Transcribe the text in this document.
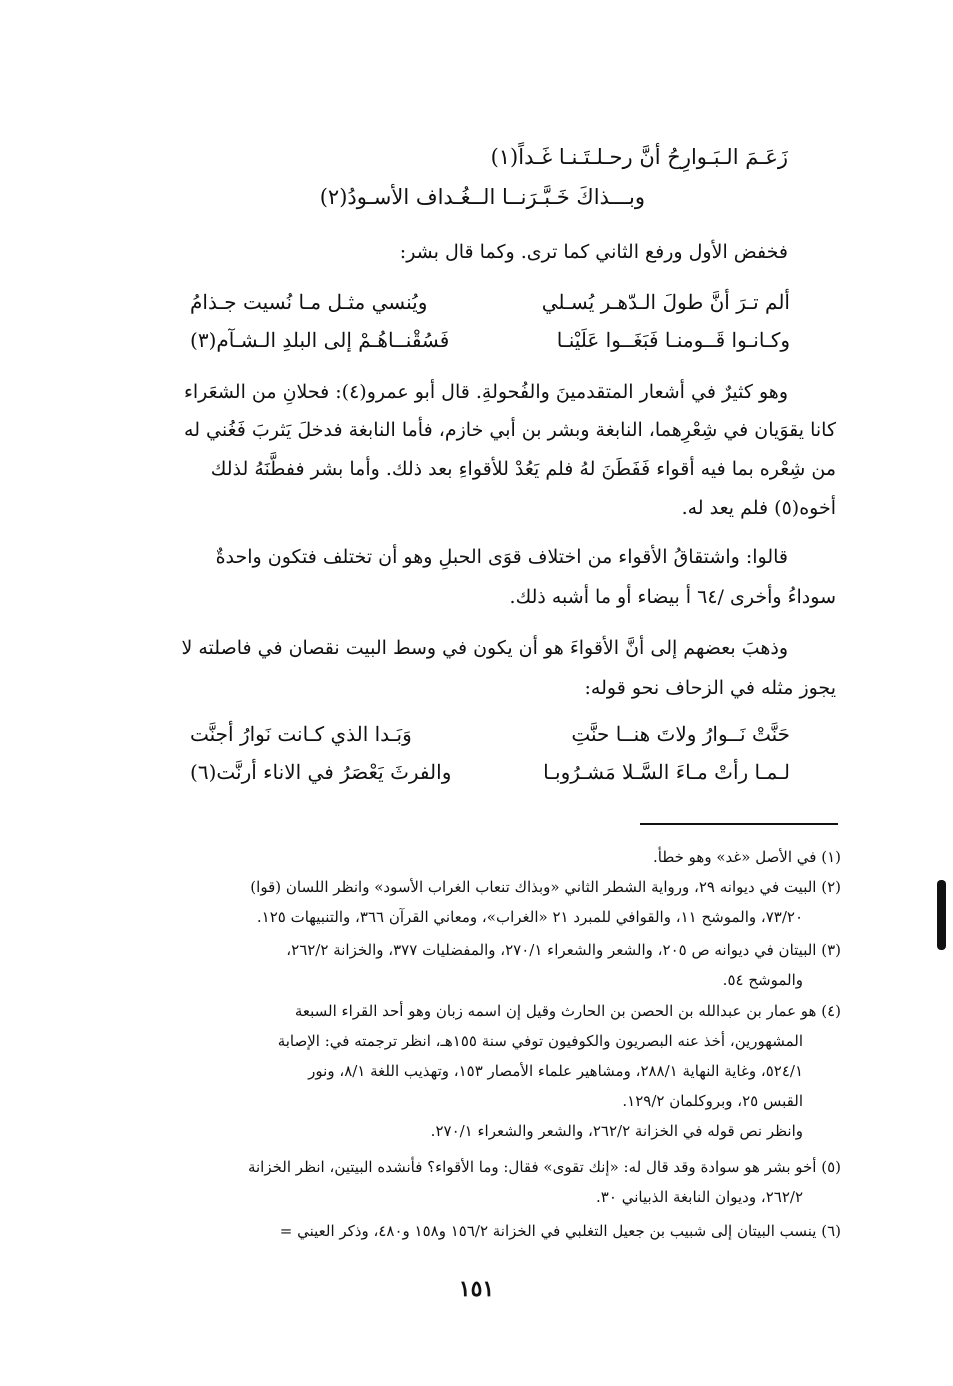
زَعَـمَ الـبَـوارِحُ أنَّ رحـلـتَـنـا غَـداً(١)
وبـــذاكَ خَـبَّـرَنــا الــغُـداف الأسـودُ(٢)
فخفض الأول ورفع الثاني كما ترى. وكما قال بشر:
ألم تـرَ أنَّ طولَ الـدّهـر يُسـلي
ويُنسي مثـل مـا نُسيت جـذامُ
وكـانـوا قَــومنـا فَبَغَــوا عَلَيْنـا
فَسُقْنــاهُـمْ إلى البلدِ الـشـآم(٣)
وهو كثيرٌ في أشعار المتقدمينَ والفُحولةِ. قال أبو عمرو(٤): فحلانِ من الشعَراء
كانا يقوَيان في شِعْرِهما، النابغة وبشر بن أبي خازم، فأما النابغة فدخلَ يَثربَ فَغُني له
من شِعْره بما فيه أقواء فَفَطَنَ لهُ فلم يَعُدْ للأقواءِ بعد ذلك. وأما بشر ففطَّنَهُ لذلك
أخوه(٥) فلم يعد له.
قالوا: واشتقاقُ الأقواء من اختلاف قوَى الحبلِ وهو أن تختلف فتكون واحدةٌ
سوداءُ وأخرى /٦٤ أ بيضاء أو ما أشبه ذلك.
وذهبَ بعضهم إلى أنَّ الأقواءَ هو أن يكون في وسط البيت نقصان في فاصلته لا
يجوز مثله في الزحاف نحو قوله:
حَنَّتْ نَــوارُ ولاتَ هنــا حنَّتِ
وَبَـدا الذي كـانت نَوارُ أجنَّت
لـمـا رأتْ مـاءَ السَّـلا مَشـرُوبـا
والفرثَ يَعْصَرُ في الاناء أرنَّت(٦)
(١) في الأصل «غد» وهو خطأ.
(٢) البيت في ديوانه ٢٩، ورواية الشطر الثاني «وبذاك تنعاب الغراب الأسود» وانظر اللسان (قوا)
٧٣/٢٠، والموشح ١١، والقوافي للمبرد ٢١ «الغراب»، ومعاني القرآن ٣٦٦، والتنبيهات ١٢٥.
(٣) البيتان في ديوانه ص ٢٠٥، والشعر والشعراء ٢٧٠/١، والمفضليات ٣٧٧، والخزانة ٢٦٢/٢،
والموشح ٥٤.
(٤) هو عمار بن عبدالله بن الحصن بن الحارث وقيل إن اسمه زبان وهو أحد القراء السبعة
المشهورين، أخذ عنه البصريون والكوفيون توفي سنة ١٥٥هـ، انظر ترجمته في: الإصابة
٥٢٤/١، وغاية النهاية ٢٨٨/١، ومشاهير علماء الأمصار ١٥٣، وتهذيب اللغة ٨/١، ونور
القبس ٢٥، وبروكلمان ١٢٩/٢.
وانظر نص قوله في الخزانة ٢٦٢/٢، والشعر والشعراء ٢٧٠/١.
(٥) أخو بشر هو سوادة وقد قال له: «إنك تقوى» فقال: وما الأقواء؟ فأنشده البيتين، انظر الخزانة
٢٦٢/٢، وديوان النابغة الذبياني ٣٠.
(٦) ينسب البيتان إلى شبيب بن جعيل التغلبي في الخزانة ١٥٦/٢ و١٥٨ و٤٨٠، وذكر العيني =
١٥١
